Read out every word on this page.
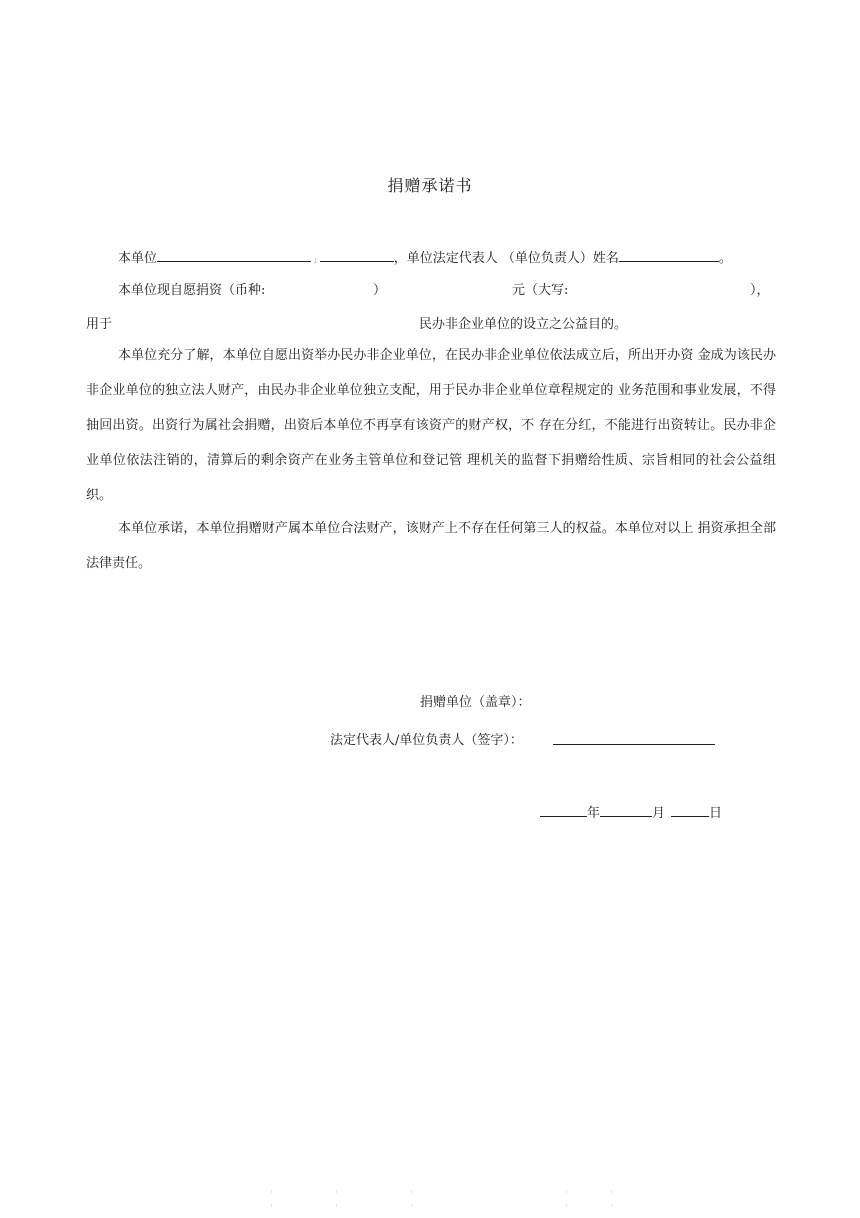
捐赠承诺书
本单位	;	，单位法定代表人 （单位负责人）姓名	。
本单位现自愿捐资（币种:	）	元（大写:	），
用于	民办非企业单位的设立之公益目的。
本单位充分了解，本单位自愿出资举办民办非企业单位，在民办非企业单位依法成立后，所出开办资 金成为该民办非企业单位的独立法人财产，由民办非企业单位独立支配，用于民办非企业单位章程规定的 业务范围和事业发展，不得抽回出资。出资行为属社会捐赠，出资后本单位不再享有该资产的财产权，不 存在分红，不能进行出资转让。民办非企业单位依法注销的，清算后的剩余资产在业务主管单位和登记管 理机关的监督下捐赠给性质、宗旨相同的社会公益组织。
本单位承诺，本单位捐赠财产属本单位合法财产，该财产上不存在任何第三人的权益。本单位对以上 捐资承担全部法律责任。
捐赠单位（盖章）：
法定代表人/单位负责人（签字）：
年	月	日
